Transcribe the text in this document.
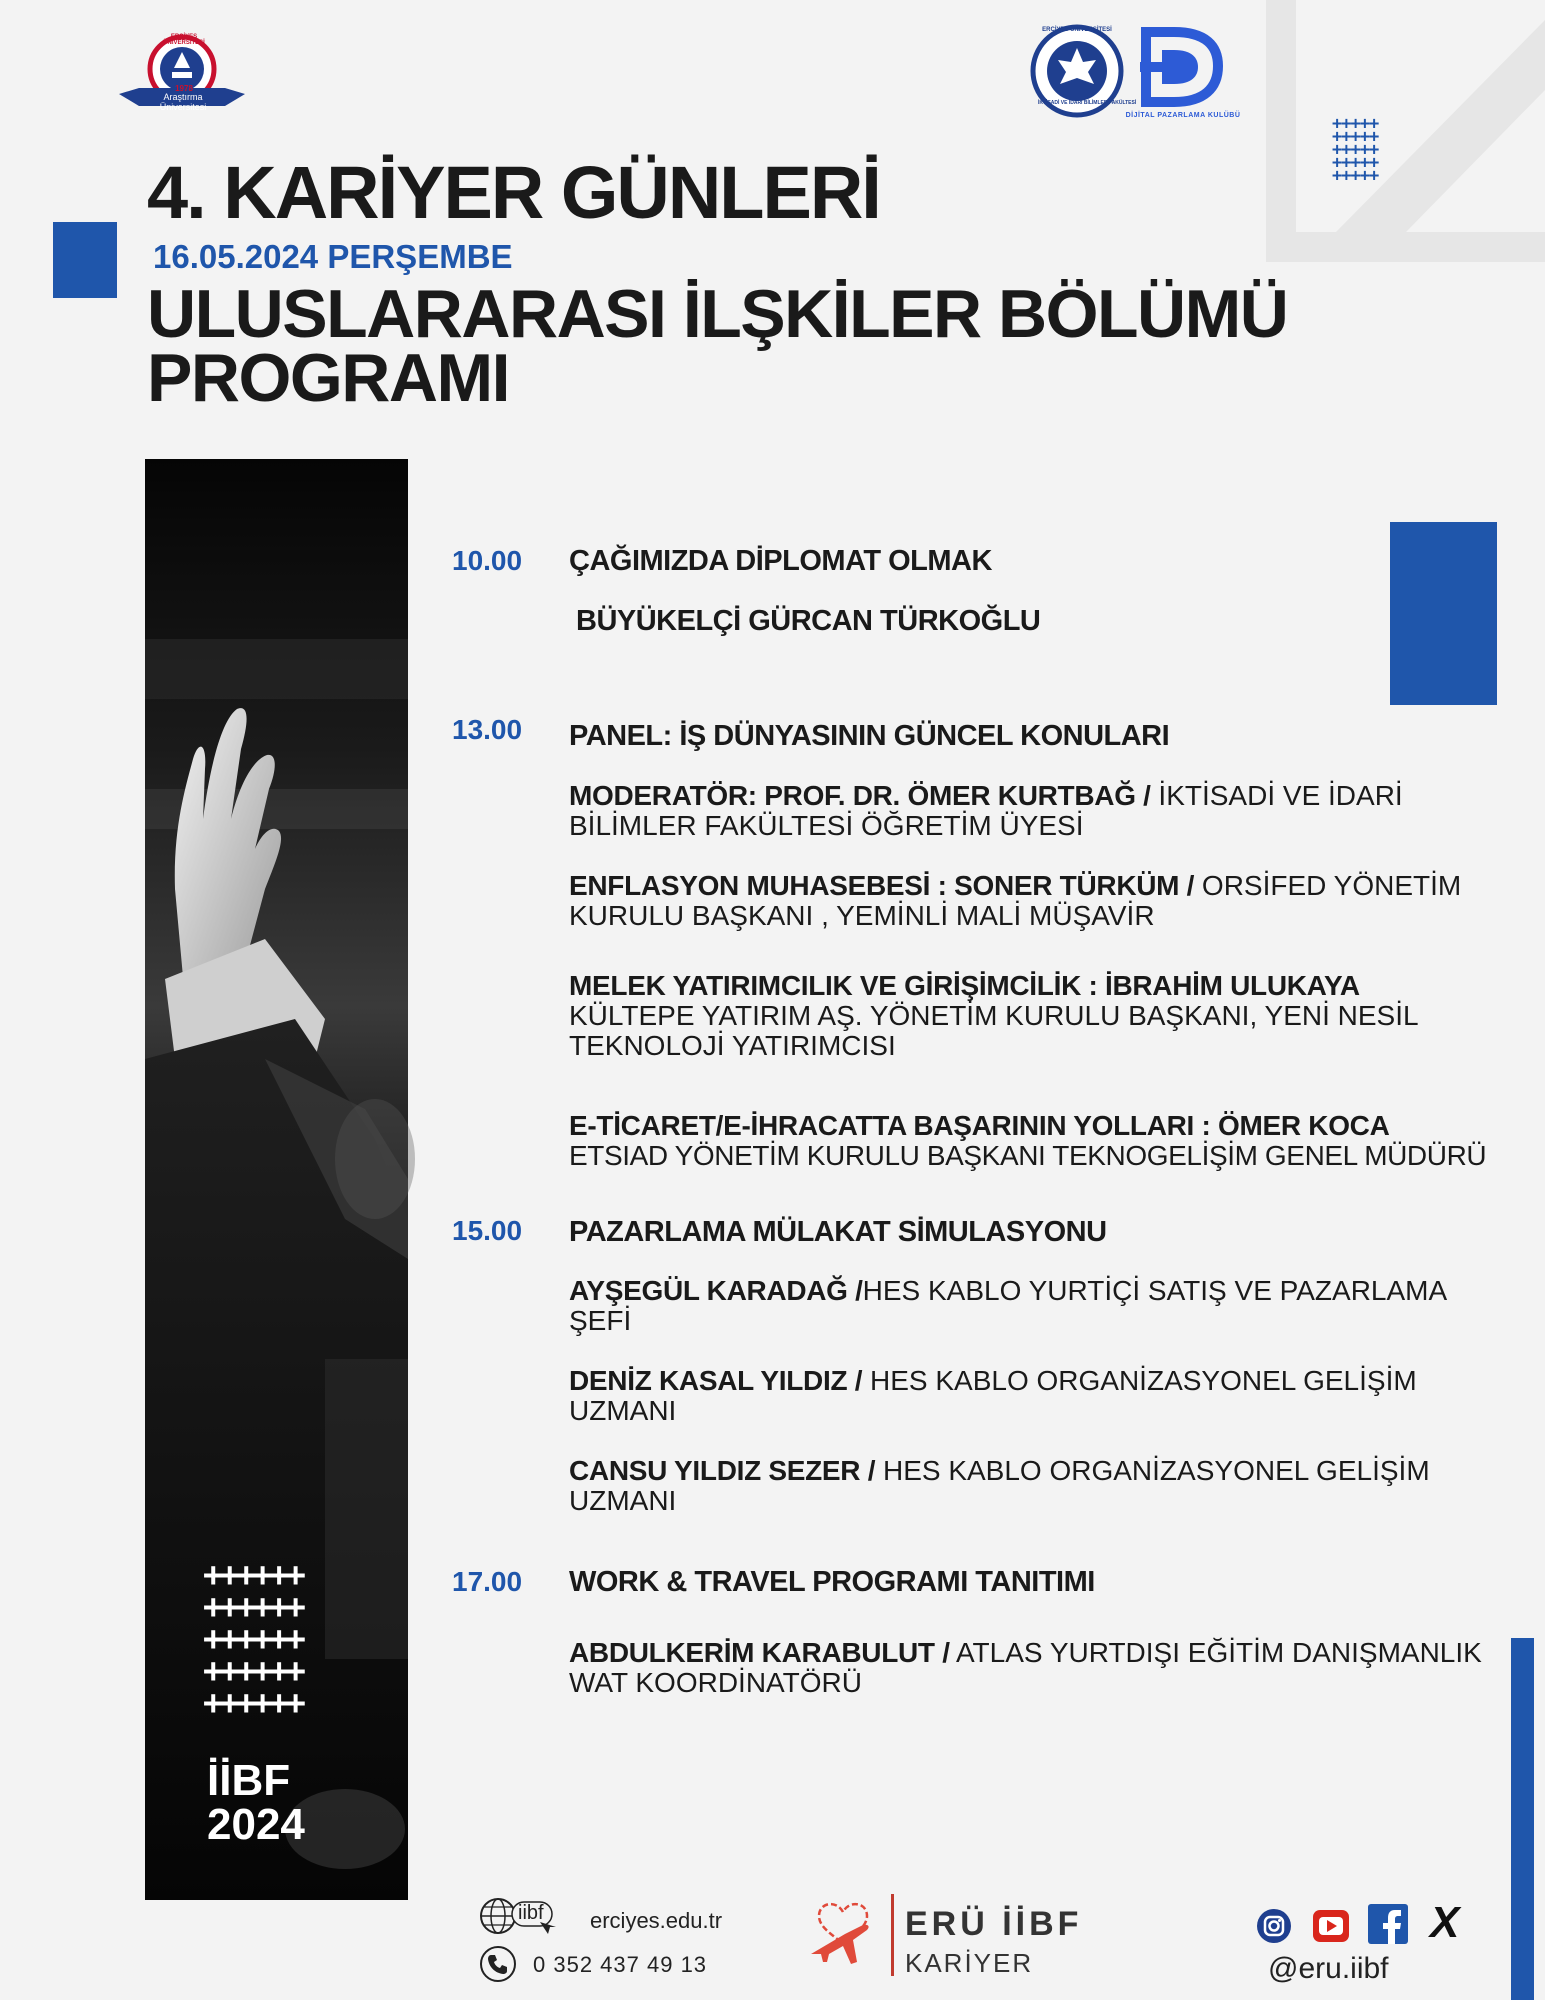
+++++
+++++
+++++
+++++
+++++
Araştırma Üniversitesi
ERCİYES ÜNİVERSİTESİ
1978
ERCİYES ÜNİVERSİTESİ
İKTİSADİ VE İDARİ BİLİMLER FAKÜLTESİ
DİJİTAL PAZARLAMA KULÜBÜ
4. KARİYER GÜNLERİ
16.05.2024 PERŞEMBE
ULUSLARARASI İLŞKİLER BÖLÜMÜ
PROGRAMI
++++++
++++++
++++++
++++++
++++++
İİBF
2024
10.00 ÇAĞIMIZDA DİPLOMAT OLMAK
BÜYÜKELÇİ GÜRCAN TÜRKOĞLU
13.00 PANEL: İŞ DÜNYASININ GÜNCEL KONULARI
MODERATÖR: PROF. DR. ÖMER KURTBAĞ / İKTİSADİ VE İDARİ BİLİMLER FAKÜLTESİ ÖĞRETİM ÜYESİ
ENFLASYON MUHASEBESİ : SONER TÜRKÜM / ORSİFED YÖNETİM KURULU BAŞKANI , YEMİNLİ MALİ MÜŞAVİR
MELEK YATIRIMCILIK VE GİRİŞİMCİLİK : İBRAHİM ULUKAYA
KÜLTEPE YATIRIM AŞ. YÖNETİM KURULU BAŞKANI, YENİ NESİL TEKNOLOJİ YATIRIMCISI
E-TİCARET/E-İHRACATTA BAŞARININ YOLLARI : ÖMER KOCA
ETSIAD YÖNETİM KURULU BAŞKANI TEKNOGELİŞİM GENEL MÜDÜRÜ
15.00 PAZARLAMA MÜLAKAT SİMULASYONU
AYŞEGÜL KARADAĞ /HES KABLO YURTİÇİ SATIŞ VE PAZARLAMA ŞEFİ
DENİZ KASAL YILDIZ / HES KABLO ORGANİZASYONEL GELİŞİM UZMANI
CANSU YILDIZ SEZER / HES KABLO ORGANİZASYONEL GELİŞİM UZMANI
17.00 WORK & TRAVEL PROGRAMI TANITIMI
ABDULKERİM KARABULUT / ATLAS YURTDIŞI EĞİTİM DANIŞMANLIK WAT KOORDİNATÖRÜ
iibf erciyes.edu.tr
0 352 437 49 13
ERÜ İİBF
KARİYER
X
@eru.iibf
